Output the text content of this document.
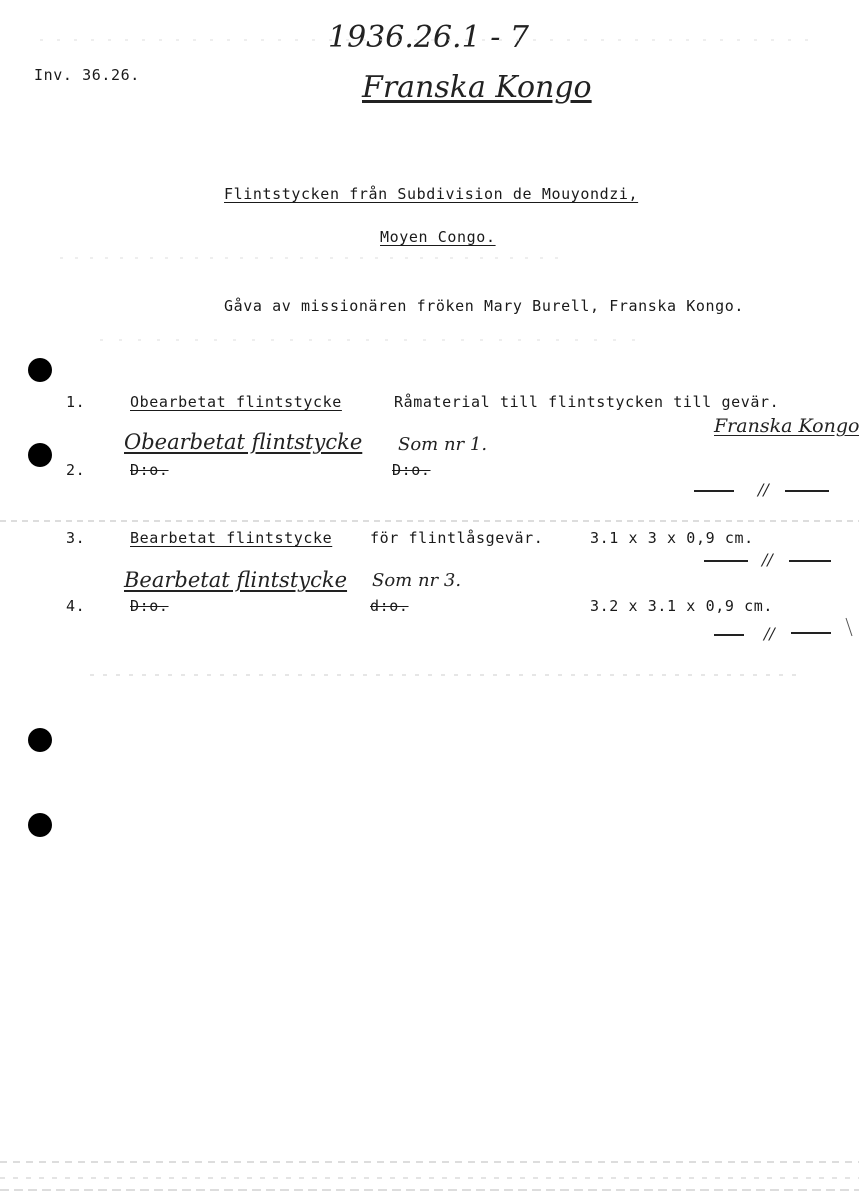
Inv. 36.26.
1936.26.1 - 7
Franska Kongo
Flintstycken från Subdivision de Mouyondzi,
Moyen Congo.
Gåva av missionären fröken Mary Burell, Franska Kongo.
1.	Obearbetat flintstycke	Råmaterial till flintstycken till gevär.
Franska Kongo
Obearbetat flintstycke Som nr 1.
2.	D:o.	D:o.
//
3.	Bearbetat flintstycke	för flintlåsgevär.	3.1 x 3 x 0,9 cm.
//
Bearbetat flintstycke Som nr 3.
4.	D:o.	d:o.	3.2 x 3.1 x 0,9 cm.
//
